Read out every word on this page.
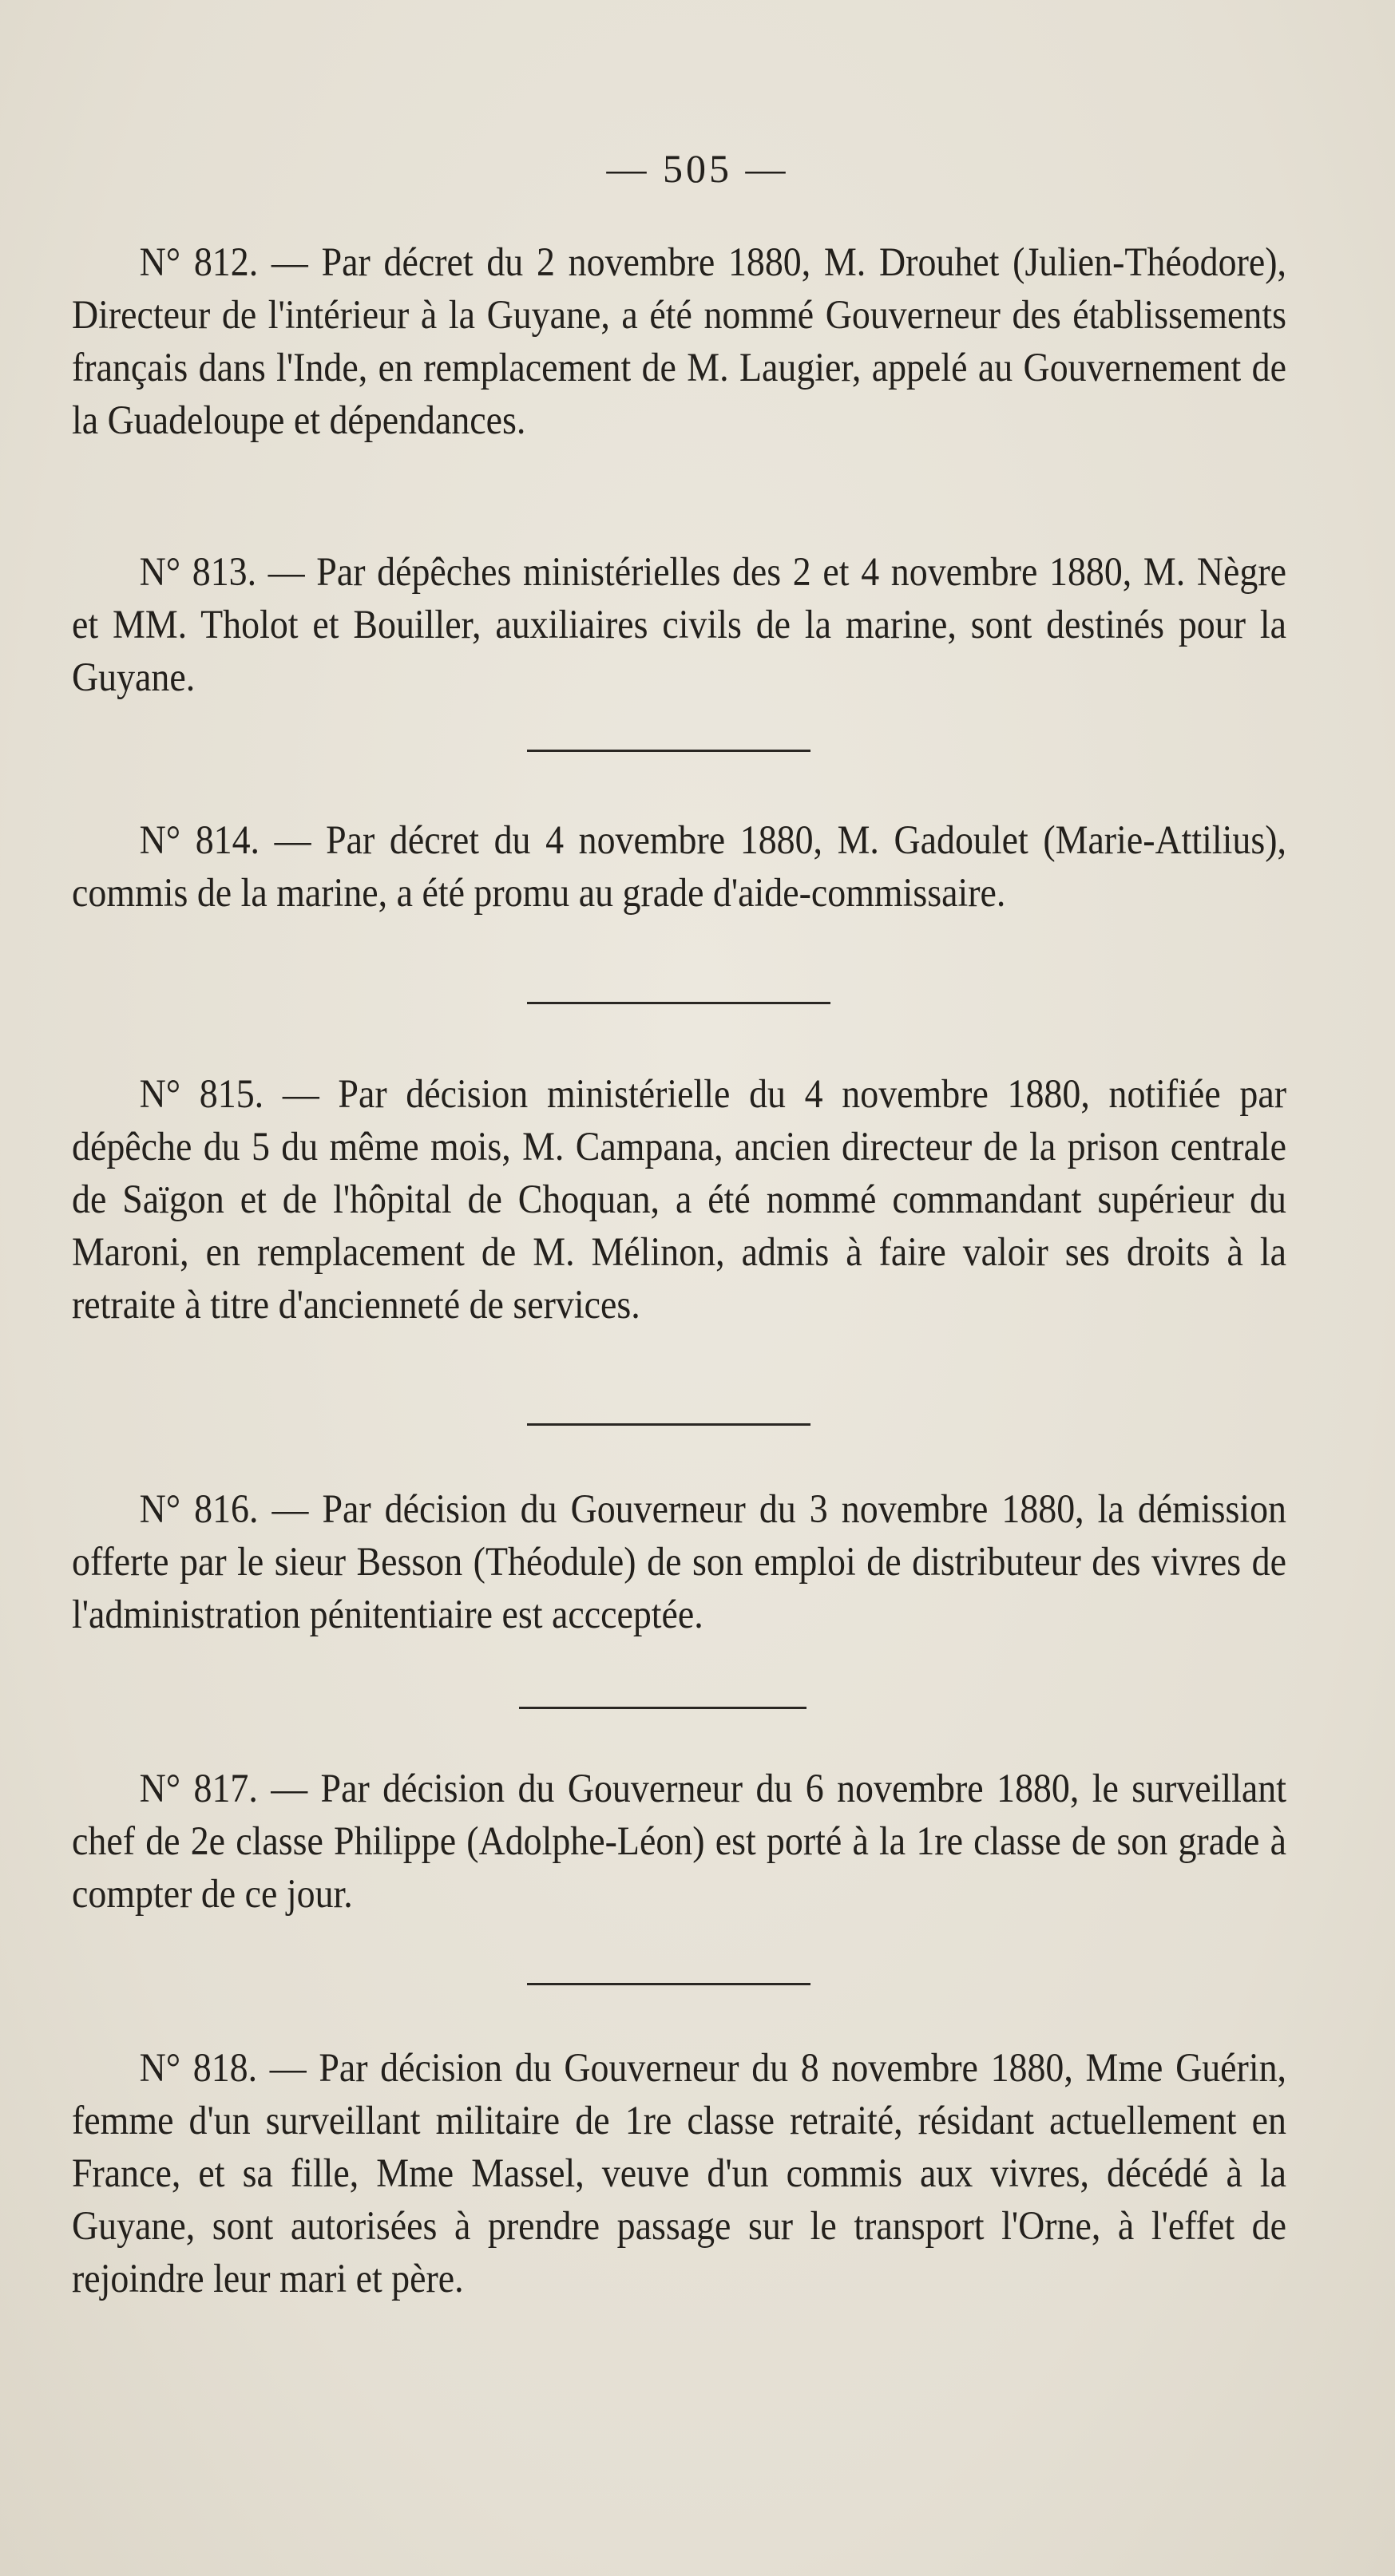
— 505 —

N° 812. — Par décret du 2 novembre 1880, M. Drouhet (Julien-Théodore), Directeur de l'intérieur à la Guyane, a été nommé Gouverneur des établissements français dans l'Inde, en remplacement de M. Laugier, appelé au Gouvernement de la Guadeloupe et dépendances.

N° 813. — Par dépêches ministérielles des 2 et 4 novembre 1880, M. Nègre et MM. Tholot et Bouiller, auxiliaires civils de la marine, sont destinés pour la Guyane.

N° 814. — Par décret du 4 novembre 1880, M. Gadoulet (Marie-Attilius), commis de la marine, a été promu au grade d'aide-commissaire.

N° 815. — Par décision ministérielle du 4 novembre 1880, notifiée par dépêche du 5 du même mois, M. Campana, ancien directeur de la prison centrale de Saïgon et de l'hôpital de Choquan, a été nommé commandant supérieur du Maroni, en remplacement de M. Mélinon, admis à faire valoir ses droits à la retraite à titre d'ancienneté de services.

N° 816. — Par décision du Gouverneur du 3 novembre 1880, la démission offerte par le sieur Besson (Théodule) de son emploi de distributeur des vivres de l'administration pénitentiaire est accceptée.

N° 817. — Par décision du Gouverneur du 6 novembre 1880, le surveillant chef de 2e classe Philippe (Adolphe-Léon) est porté à la 1re classe de son grade à compter de ce jour.

N° 818. — Par décision du Gouverneur du 8 novembre 1880, Mme Guérin, femme d'un surveillant militaire de 1re classe retraité, résidant actuellement en France, et sa fille, Mme Massel, veuve d'un commis aux vivres, décédé à la Guyane, sont autorisées à prendre passage sur le transport l'Orne, à l'effet de rejoindre leur mari et père.
